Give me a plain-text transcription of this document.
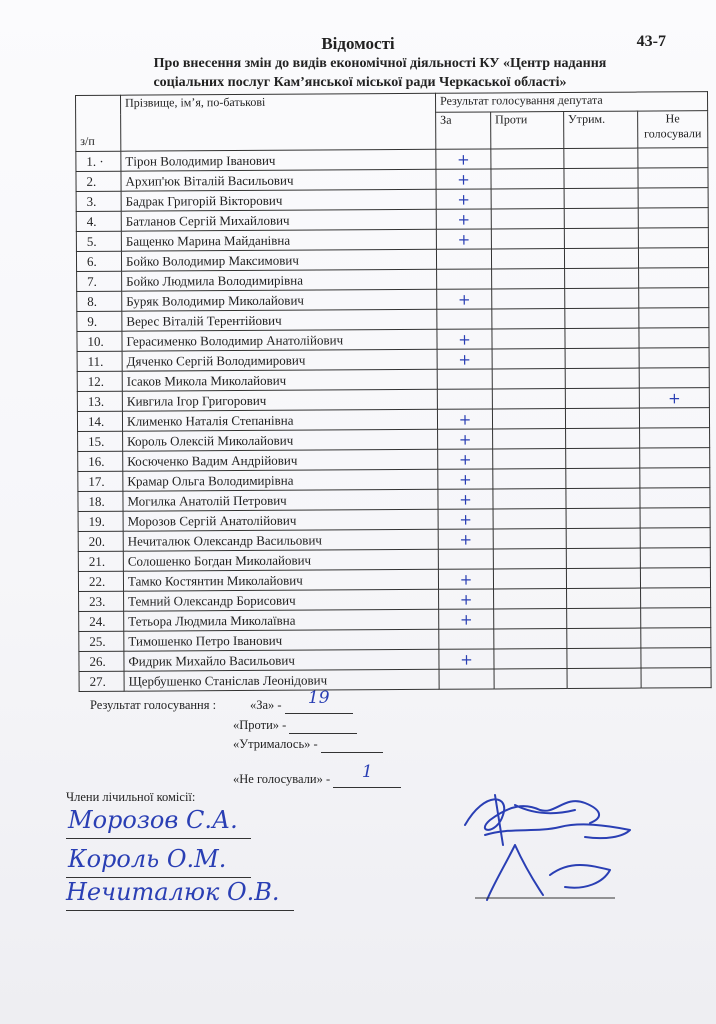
Відомості	43-7
Про внесення змін до видів економічної діяльності КУ «Центр надання
соціальних послуг Кам’янської міської ради Черкаської області»
з/п	Прізвище, ім’я, по-батькові	Результат голосування депутата			
		За	Проти	Утрим.	Не голосували
1. ·	Тірон Володимир Іванович	+			
2.	Архип'юк Віталій Васильович	+			
3.	Бадрак Григорій Вікторович	+			
4.	Батланов Сергій Михайлович	+			
5.	Бащенко Марина Майданівна	+			
6.	Бойко Володимир Максимович				
7.	Бойко Людмила Володимирівна				
8.	Буряк Володимир Миколайович	+			
9.	Верес Віталій Терентійович				
10.	Герасименко Володимир Анатолійович	+			
11.	Дяченко Сергій Володимирович	+			
12.	Ісаков Микола Миколайович				
13.	Кивгила Ігор Григорович				+
14.	Клименко Наталія Степанівна	+			
15.	Король Олексій Миколайович	+			
16.	Косюченко Вадим Андрійович	+			
17.	Крамар Ольга Володимирівна	+			
18.	Могилка Анатолій Петрович	+			
19.	Морозов Сергій Анатолійович	+			
20.	Нечиталюк Олександр Васильович	+			
21.	Солошенко Богдан Миколайович				
22.	Тамко Костянтин Миколайович	+			
23.	Темний Олександр Борисович	+			
24.	Тетьора Людмила Миколаївна	+			
25.	Тимошенко Петро Іванович				
26.	Фидрик Михайло Васильович	+			
27.	Щербушенко Станіслав Леонідович				
Результат голосування :	«За» -	19

«Проти» -

«Утрималось» -

«Не голосували» -	1

Члени лічильної комісії:
Морозов С.А.
Король О.М.
Нечиталюк О.В.
